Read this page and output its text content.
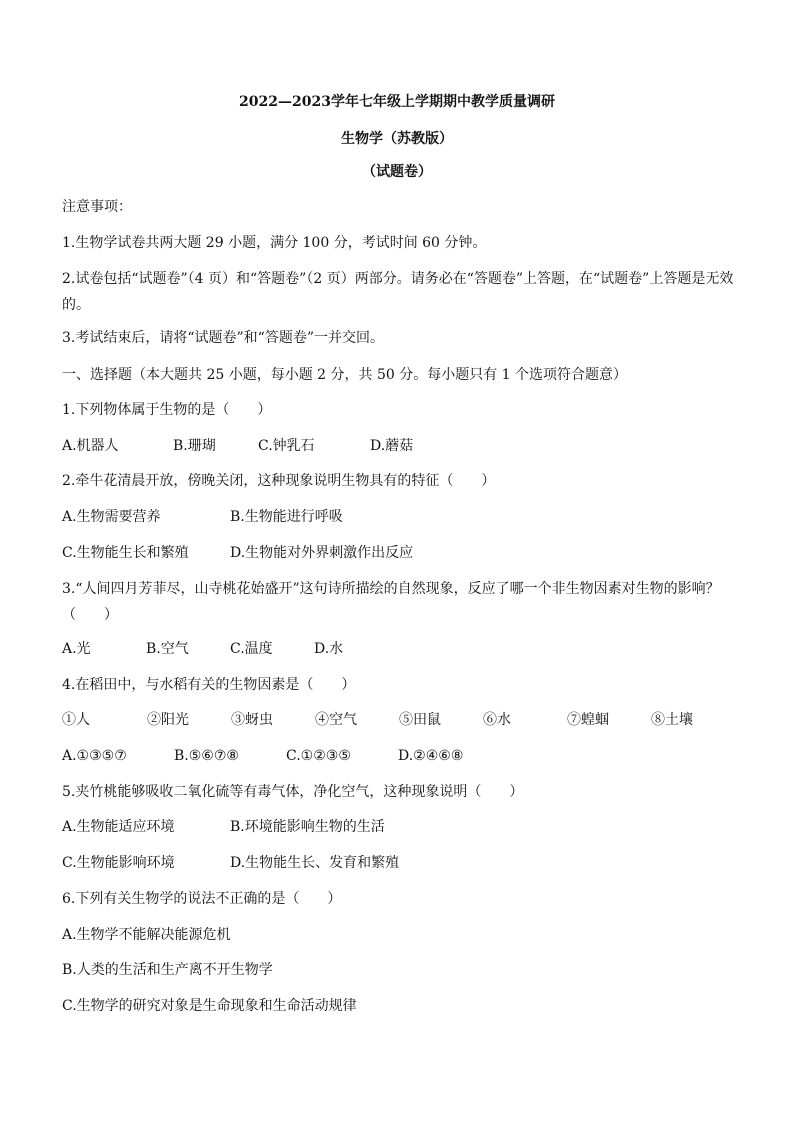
2022—2023学年七年级上学期期中教学质量调研
生物学（苏教版）
（试题卷）
注意事项：
1.生物学试卷共两大题 29 小题，满分 100 分，考试时间 60 分钟。
2.试卷包括“试题卷”（4 页）和“答题卷”（2 页）两部分。请务必在“答题卷”上答题，在“试题卷”上答题是无效的。
3.考试结束后，请将“试题卷”和“答题卷”一并交回。
一、选择题（本大题共 25 小题，每小题 2 分，共 50 分。每小题只有 1 个选项符合题意）
1.下列物体属于生物的是（　　）
A.机器人	B.珊瑚	C.钟乳石	D.蘑菇
2.牵牛花清晨开放，傍晚关闭，这种现象说明生物具有的特征（　　）
A.生物需要营养	B.生物能进行呼吸
C.生物能生长和繁殖	D.生物能对外界刺激作出反应
3.“人间四月芳菲尽，山寺桃花始盛开”这句诗所描绘的自然现象，反应了哪一个非生物因素对生物的影响？（　　）
A.光	B.空气	C.温度	D.水
4.在稻田中，与水稻有关的生物因素是（　　）
①人	②阳光	③蚜虫	④空气	⑤田鼠	⑥水	⑦蝗蝈	⑧土壤
A.①③⑤⑦	B.⑤⑥⑦⑧	C.①②③⑤	D.②④⑥⑧
5.夹竹桃能够吸收二氧化硫等有毒气体，净化空气，这种现象说明（　　）
A.生物能适应环境	B.环境能影响生物的生活
C.生物能影响环境	D.生物能生长、发育和繁殖
6.下列有关生物学的说法不正确的是（　　）
A.生物学不能解决能源危机
B.人类的生活和生产离不开生物学
C.生物学的研究对象是生命现象和生命活动规律
